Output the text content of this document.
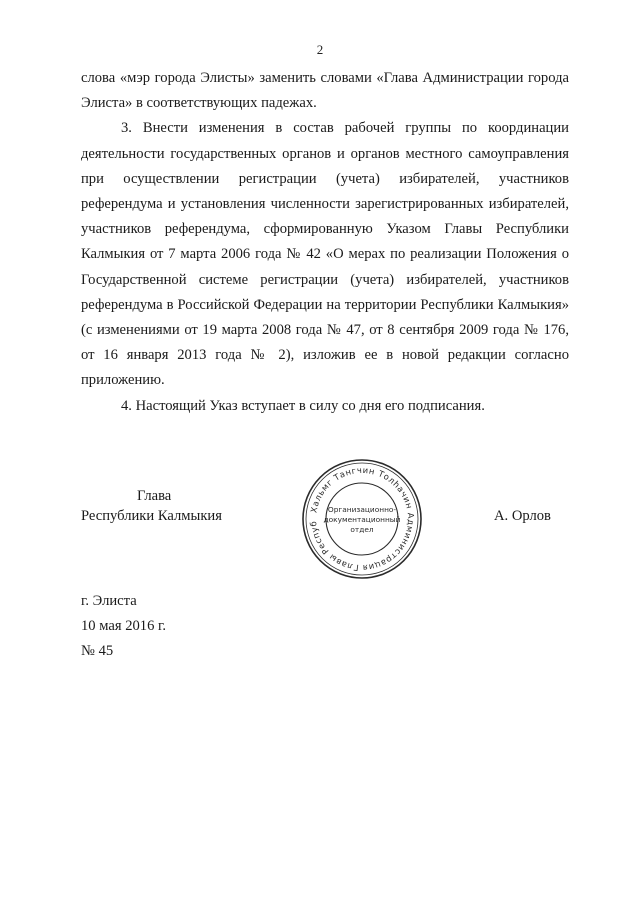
2

слова «мэр города Элисты» заменить словами «Глава Администрации города Элиста» в соответствующих падежах.

3. Внести изменения в состав рабочей группы по координации деятельности государственных органов и органов местного самоуправления при осуществлении регистрации (учета) избирателей, участников референдума и установления численности зарегистрированных избирателей, участников референдума, сформированную Указом Главы Республики Калмыкия от 7 марта 2006 года № 42 «О мерах по реализации Положения о Государственной системе регистрации (учета) избирателей, участников референдума в Российской Федерации на территории Республики Калмыкия» (с изменениями от 19 марта 2008 года № 47, от 8 сентября 2009 года № 176, от 16 января 2013 года № 2), изложив ее в новой редакции согласно приложению.

4. Настоящий Указ вступает в силу со дня его подписания.

Глава
Республики Калмыкия	Хальмг Тангчин Толһачин Администрация Главы Респуб
Организационно-
документационный
отдел
А. Орлов
г. Элиста
10 мая 2016 г.
№ 45
